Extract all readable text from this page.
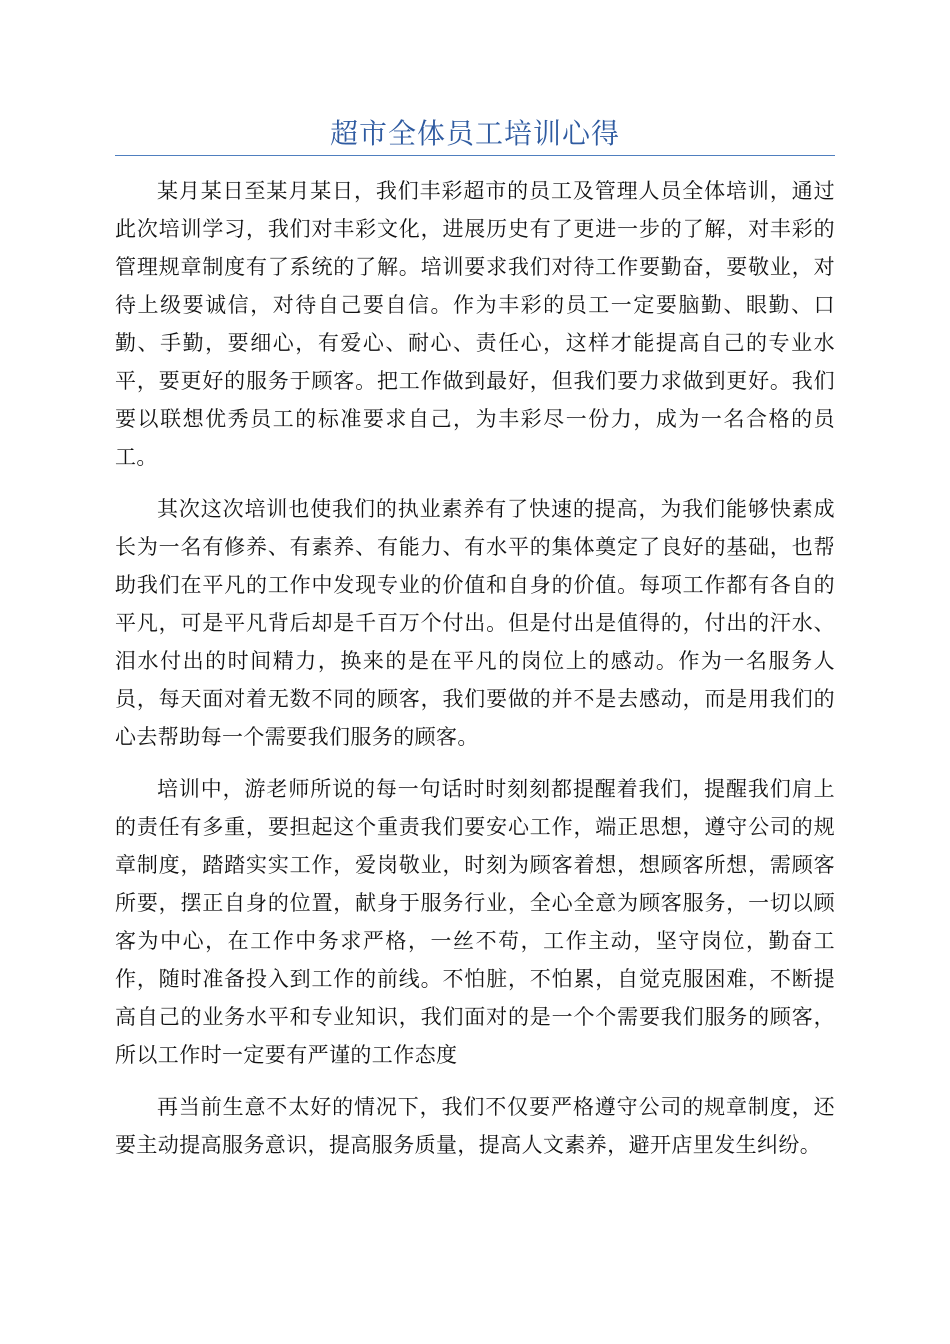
超市全体员工培训心得

某月某日至某月某日，我们丰彩超市的员工及管理人员全体培训，通过此次培训学习，我们对丰彩文化，进展历史有了更进一步的了解，对丰彩的管理规章制度有了系统的了解。培训要求我们对待工作要勤奋，要敬业，对待上级要诚信，对待自己要自信。作为丰彩的员工一定要脑勤、眼勤、口勤、手勤，要细心，有爱心、耐心、责任心，这样才能提高自己的专业水平，要更好的服务于顾客。把工作做到最好，但我们要力求做到更好。我们要以联想优秀员工的标准要求自己，为丰彩尽一份力，成为一名合格的员工。

其次这次培训也使我们的执业素养有了快速的提高，为我们能够快素成长为一名有修养、有素养、有能力、有水平的集体奠定了良好的基础，也帮助我们在平凡的工作中发现专业的价值和自身的价值。每项工作都有各自的平凡，可是平凡背后却是千百万个付出。但是付出是值得的，付出的汗水、泪水付出的时间精力，换来的是在平凡的岗位上的感动。作为一名服务人员，每天面对着无数不同的顾客，我们要做的并不是去感动，而是用我们的心去帮助每一个需要我们服务的顾客。

培训中，游老师所说的每一句话时时刻刻都提醒着我们，提醒我们肩上的责任有多重，要担起这个重责我们要安心工作，端正思想，遵守公司的规章制度，踏踏实实工作，爱岗敬业，时刻为顾客着想，想顾客所想，需顾客所要，摆正自身的位置，献身于服务行业，全心全意为顾客服务，一切以顾客为中心，在工作中务求严格，一丝不苟，工作主动，坚守岗位，勤奋工作，随时准备投入到工作的前线。不怕脏，不怕累，自觉克服困难，不断提高自己的业务水平和专业知识，我们面对的是一个个需要我们服务的顾客，所以工作时一定要有严谨的工作态度

再当前生意不太好的情况下，我们不仅要严格遵守公司的规章制度，还要主动提高服务意识，提高服务质量，提高人文素养，避开店里发生纠纷。
